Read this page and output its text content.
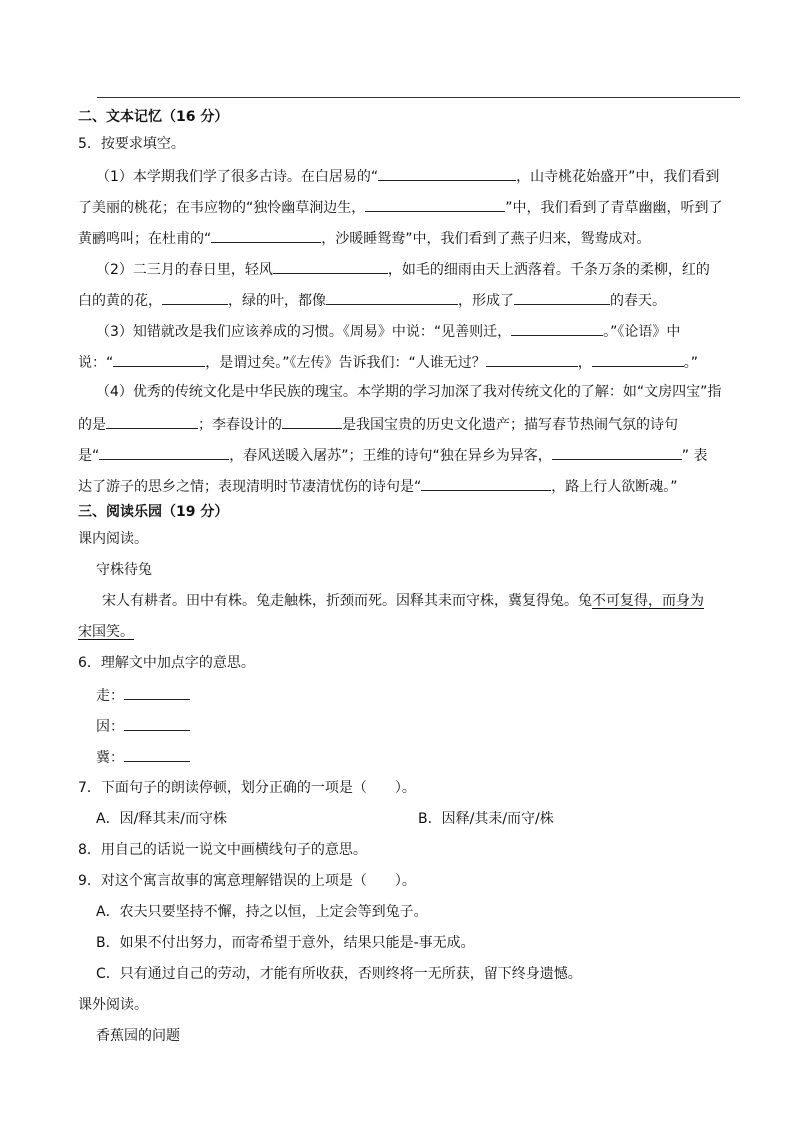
二、文本记忆（16 分）
5．按要求填空。
（1）本学期我们学了很多古诗。在白居易的“	，山寺桃花始盛开”中，我们看到
了美丽的桃花；在韦应物的“独怜幽草涧边生，	”中，我们看到了青草幽幽，听到了
黄鹂鸣叫；在杜甫的“	，沙暖睡鸳鸯”中，我们看到了燕子归来，鸳鸯成对。
（2）二三月的春日里，轻风	，如毛的细雨由天上洒落着。千条万条的柔柳，红的
白的黄的花，	，绿的叶，都像	，形成了	的春天。
（3）知错就改是我们应该养成的习惯。《周易》中说：“见善则迁，	。”《论语》中
说：“	，是谓过矣。”《左传》告诉我们：“人谁无过？	，	。”
（4）优秀的传统文化是中华民族的瑰宝。本学期的学习加深了我对传统文化的了解：如“文房四宝”指
的是	；李春设计的	是我国宝贵的历史文化遗产；描写春节热闹气氛的诗句
是“	，春风送暖入屠苏”；王维的诗句“独在异乡为异客，	” 表
达了游子的思乡之情；表现清明时节凄清忧伤的诗句是“	，路上行人欲断魂。”
三、阅读乐园（19 分）
课内阅读。
守株待兔
宋人有耕者。田中有株。兔走触株，折颈而死。因释其耒而守株，冀复得兔。兔不可复得，而身为
宋国笑。
6．理解文中加点字的意思。
走：
因：
冀：
7．下面句子的朗读停顿，划分正确的一项是（　　）。
A．因/释其耒/而守株	B．因释/其耒/而守/株
8．用自己的话说一说文中画横线句子的意思。
9．对这个寓言故事的寓意理解错误的上项是（　　）。
A．农夫只要坚持不懈，持之以恒，上定会等到兔子。
B．如果不付出努力，而寄希望于意外，结果只能是-事无成。
C．只有通过自己的劳动，才能有所收获，否则终将一无所获，留下终身遗憾。
课外阅读。
香蕉园的问题
